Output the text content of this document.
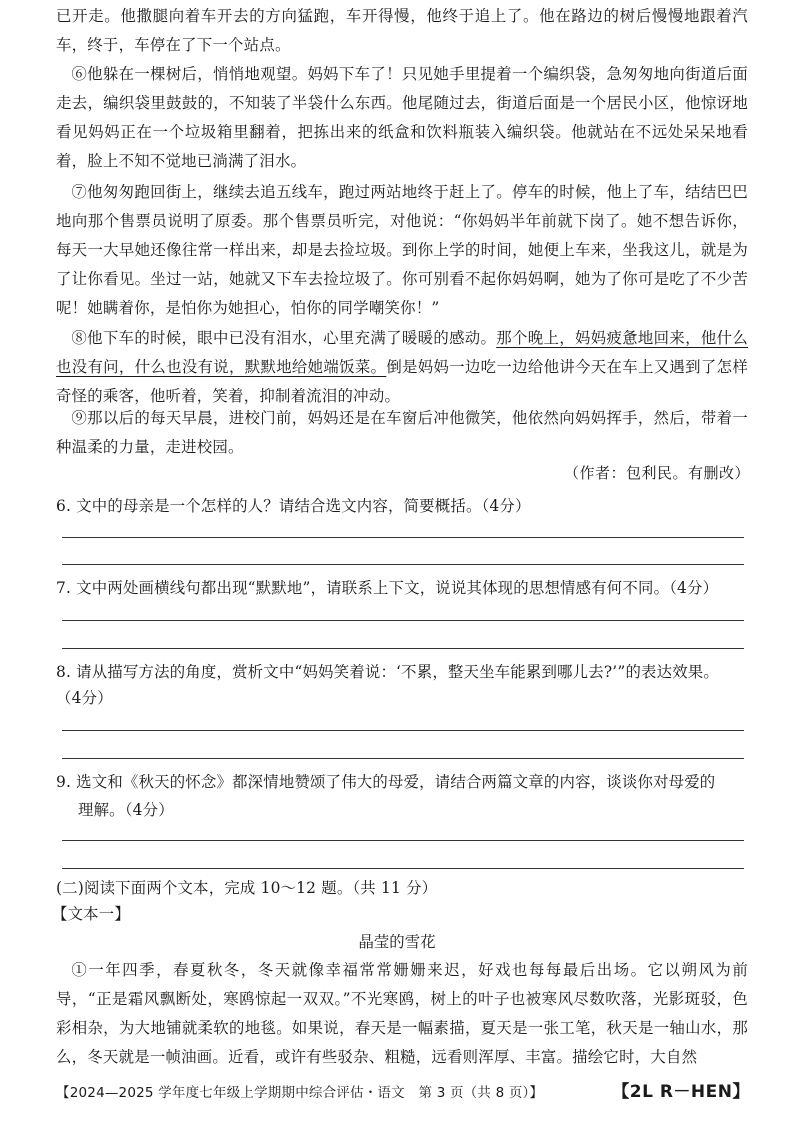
已开走。他撒腿向着车开去的方向猛跑，车开得慢，他终于追上了。他在路边的树后慢慢地跟着汽车，终于，车停在了下一个站点。

⑥他躲在一棵树后，悄悄地观望。妈妈下车了！只见她手里提着一个编织袋，急匆匆地向街道后面走去，编织袋里鼓鼓的，不知装了半袋什么东西。他尾随过去，街道后面是一个居民小区，他惊讶地看见妈妈正在一个垃圾箱里翻着，把拣出来的纸盒和饮料瓶装入编织袋。他就站在不远处呆呆地看着，脸上不知不觉地已淌满了泪水。

⑦他匆匆跑回街上，继续去追五线车，跑过两站地终于赶上了。停车的时候，他上了车，结结巴巴地向那个售票员说明了原委。那个售票员听完，对他说：“你妈妈半年前就下岗了。她不想告诉你，每天一大早她还像往常一样出来，却是去捡垃圾。到你上学的时间，她便上车来，坐我这儿，就是为了让你看见。坐过一站，她就又下车去捡垃圾了。你可别看不起你妈妈啊，她为了你可是吃了不少苦呢！她瞒着你，是怕你为她担心，怕你的同学嘲笑你！”

⑧他下车的时候，眼中已没有泪水，心里充满了暖暖的感动。那个晚上，妈妈疲惫地回来，他什么也没有问，什么也没有说，默默地给她端饭菜。倒是妈妈一边吃一边给他讲今天在车上又遇到了怎样奇怪的乘客，他听着，笑着，抑制着流泪的冲动。

⑨那以后的每天早晨，进校门前，妈妈还是在车窗后冲他微笑，他依然向妈妈挥手，然后，带着一种温柔的力量，走进校园。

（作者：包利民。有删改）

6. 文中的母亲是一个怎样的人？请结合选文内容，简要概括。（4分）

7. 文中两处画横线句都出现“默默地”，请联系上下文，说说其体现的思想情感有何不同。（4分）

8. 请从描写方法的角度，赏析文中“妈妈笑着说：‘不累，整天坐车能累到哪儿去?’”的表达效果。

（4分）

9. 选文和《秋天的怀念》都深情地赞颂了伟大的母爱，请结合两篇文章的内容，谈谈你对母爱的

理解。（4分）

(二)阅读下面两个文本，完成 10～12 题。（共 11 分）

【文本一】

晶莹的雪花

①一年四季，春夏秋冬，冬天就像幸福常常姗姗来迟，好戏也每每最后出场。它以朔风为前导，“正是霜风飘断处，寒鸥惊起一双双。”不光寒鸥，树上的叶子也被寒风尽数吹落，光影斑驳，色彩相杂，为大地铺就柔软的地毯。如果说，春天是一幅素描，夏天是一张工笔，秋天是一轴山水，那么，冬天就是一帧油画。近看，或许有些驳杂、粗糙，远看则浑厚、丰富。描绘它时，大自然

【2024—2025 学年度七年级上学期期中综合评估・语文　第 3 页（共 8 页）】	【2L R－HEN】
